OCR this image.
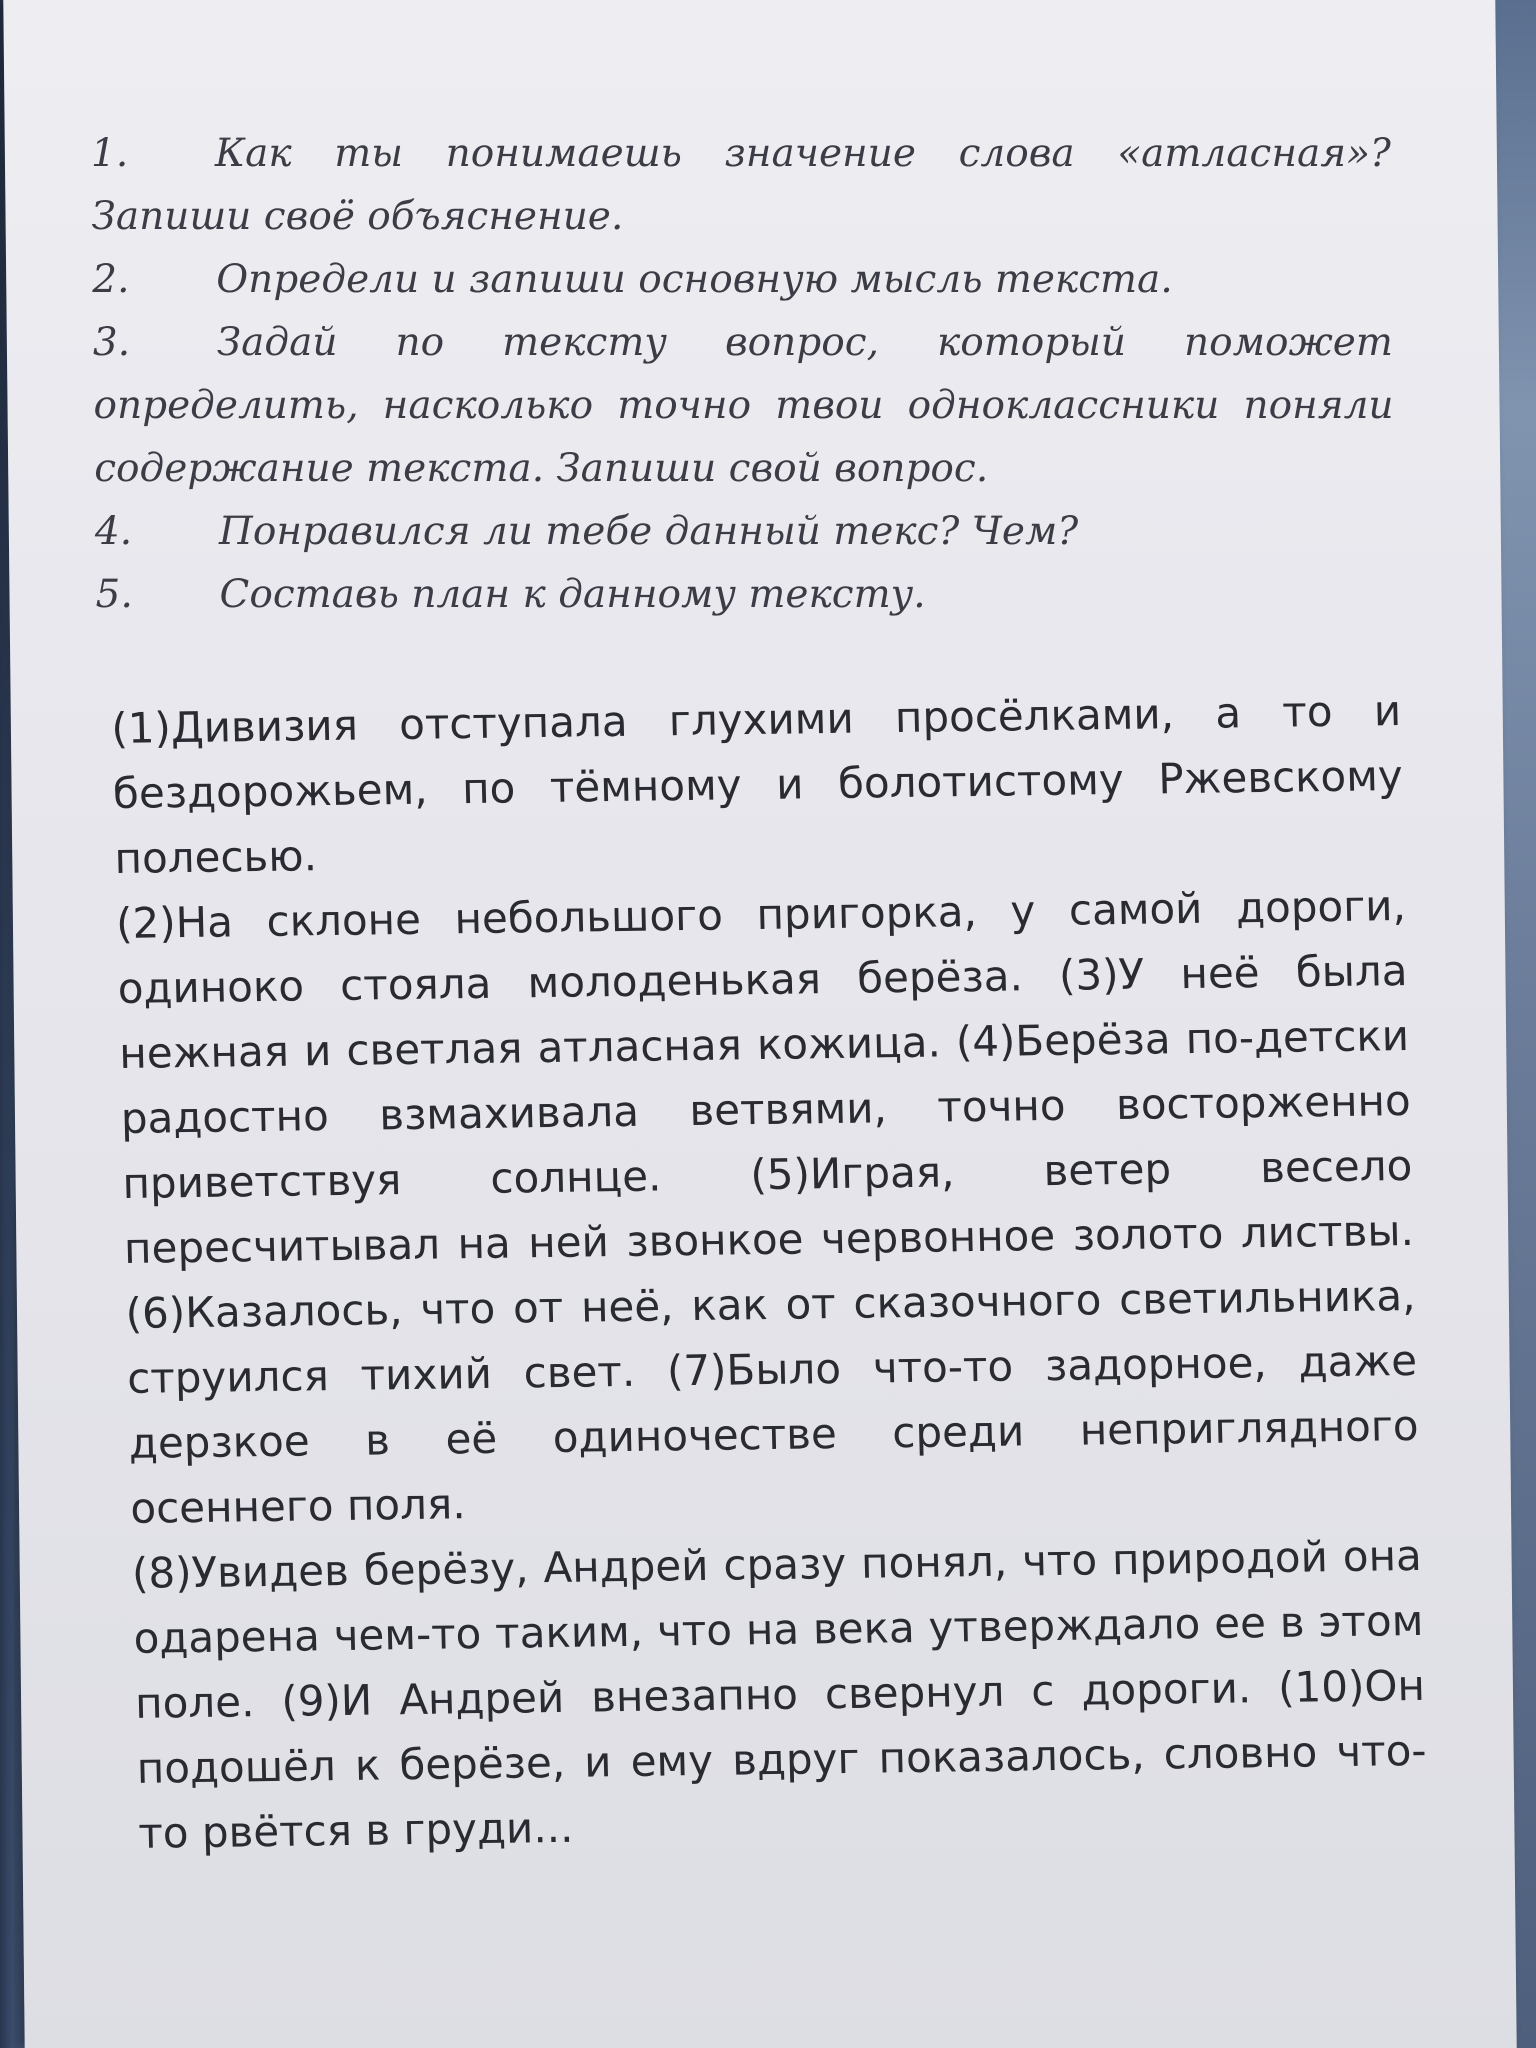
1. Как ты понимаешь значение слова «атласная»? Запиши своё объяснение.

2. Определи и запиши основную мысль текста.

3. Задай по тексту вопрос, который поможет определить, насколько точно твои одноклассники поняли содержание текста. Запиши свой вопрос.

4. Понравился ли тебе данный текс? Чем?

5. Составь план к данному тексту.

(1)Дивизия отступала глухими просёлками, а то и бездорожьем, по тёмному и болотистому Ржевскому полесью.

(2)На склоне небольшого пригорка, у самой дороги, одиноко стояла молоденькая берёза. (3)У неё была нежная и светлая атласная кожица. (4)Берёза по-детски радостно взмахивала ветвями, точно восторженно приветствуя солнце. (5)Играя, ветер весело пересчитывал на ней звонкое червонное золото листвы. (6)Казалось, что от неё, как от сказочного светильника, струился тихий свет. (7)Было что-то задорное, даже дерзкое в её одиночестве среди неприглядного осеннего поля.

(8)Увидев берёзу, Андрей сразу понял, что природой она одарена чем-то таким, что на века утверждало ее в этом поле. (9)И Андрей внезапно свернул с дороги. (10)Он подошёл к берёзе, и ему вдруг показалось, словно что-то рвётся в груди...
